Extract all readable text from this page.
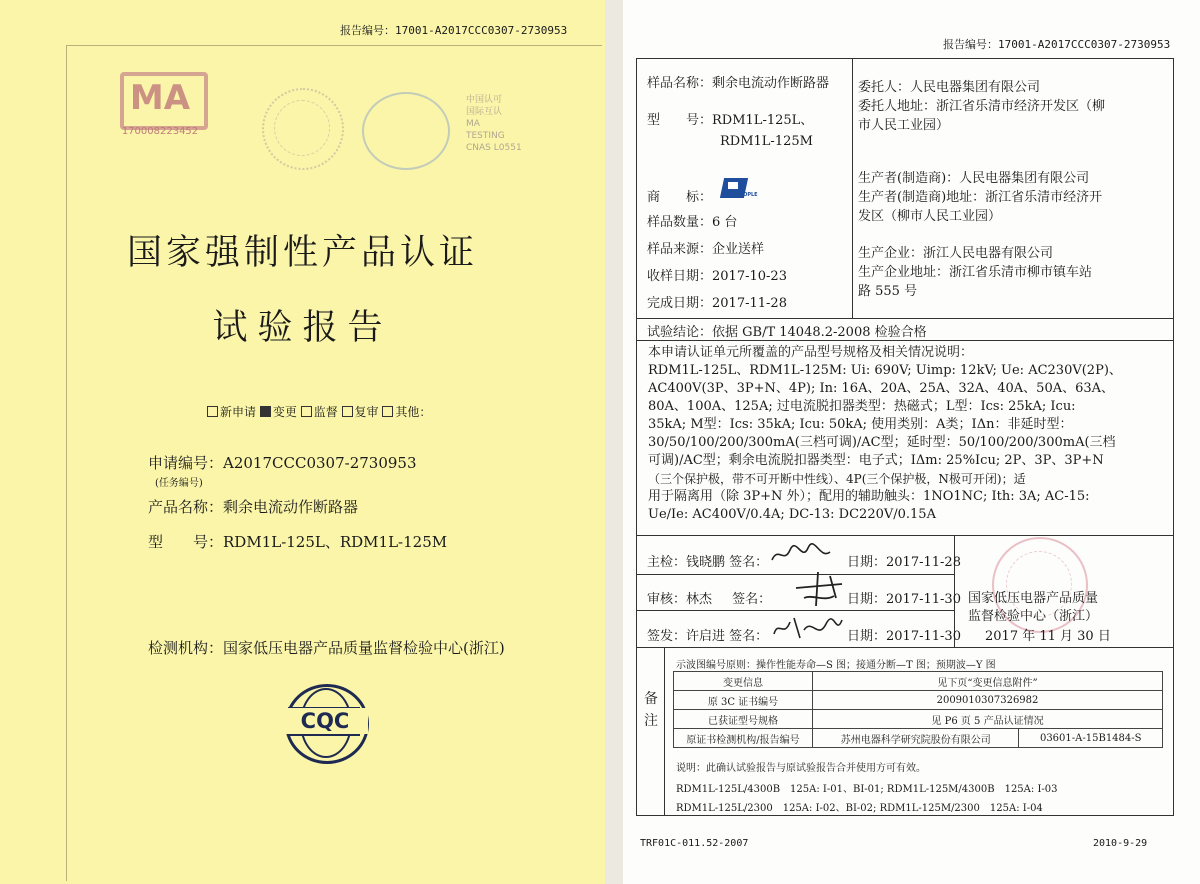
报告编号：17001-A2017CCC0307-2730953
MA
170008223452
中国认可
国际互认
MA
TESTING
CNAS L0551
国家强制性产品认证
试验报告
新申请 变更 监督 复审 其他：
申请编号：A2017CCC0307-2730953
(任务编号)
产品名称：剩余电流动作断路器
型　　号：RDM1L-125L、RDM1L-125M
检测机构：国家低压电器产品质量监督检验中心(浙江)
CQC
报告编号：17001-A2017CCC0307-2730953
样品名称：剩余电流动作断路器
型　　号：RDM1L-125L、
RDM1L-125M
商　　标：	PEOPLE
样品数量：6 台
样品来源：企业送样
收样日期：2017-10-23
完成日期：2017-11-28
委托人：人民电器集团有限公司
委托人地址：浙江省乐清市经济开发区（柳
市人民工业园）
生产者(制造商)：人民电器集团有限公司
生产者(制造商)地址：浙江省乐清市经济开
发区（柳市人民工业园）
生产企业：浙江人民电器有限公司
生产企业地址：浙江省乐清市柳市镇车站
路 555 号
试验结论：依据 GB/T 14048.2-2008 检验合格
本申请认证单元所覆盖的产品型号规格及相关情况说明：
RDM1L-125L、RDM1L-125M: Ui: 690V; Uimp: 12kV; Ue: AC230V(2P)、
AC400V(3P、3P+N、4P); In: 16A、20A、25A、32A、40A、50A、63A、
80A、100A、125A; 过电流脱扣器类型：热磁式；L型：Ics: 25kA; Icu:
35kA; M型：Ics: 35kA; Icu: 50kA; 使用类别：A类；IΔn：非延时型：
30/50/100/200/300mA(三档可调)/AC型；延时型：50/100/200/300mA(三档
可调)/AC型；剩余电流脱扣器类型：电子式；IΔm: 25%Icu; 2P、3P、3P+N
（三个保护极，带不可开断中性线）、4P(三个保护极，N极可开闭)；适
用于隔离用（除 3P+N 外）；配用的辅助触头：1NO1NC; Ith: 3A; AC-15:
Ue/Ie: AC400V/0.4A; DC-13: DC220V/0.15A
主检：钱晓鹏 签名：	日期：2017-11-28
审核：林杰 签名：	日期：2017-11-30
签发：许启进 签名：	日期：2017-11-30
国家低压电器产品质量
监督检验中心（浙江）
2017 年 11 月 30 日
备注
示波图编号原则：操作性能寿命—S 图；接通分断—T 图；预期波—Y 图
变更信息	见下页“变更信息附件”	
原 3C 证书编号	2009010307326982	
已获证型号规格	见 P6 页 5 产品认证情况	
原证书检测机构/报告编号	苏州电器科学研究院股份有限公司	03601-A-15B1484-S
说明：此确认试验报告与原试验报告合并使用方可有效。
RDM1L-125L/4300B　125A: I-01、BI-01; RDM1L-125M/4300B　125A: I-03
RDM1L-125L/2300　125A: I-02、BI-02; RDM1L-125M/2300　125A: I-04
TRF01C-011.52-2007	2010-9-29
